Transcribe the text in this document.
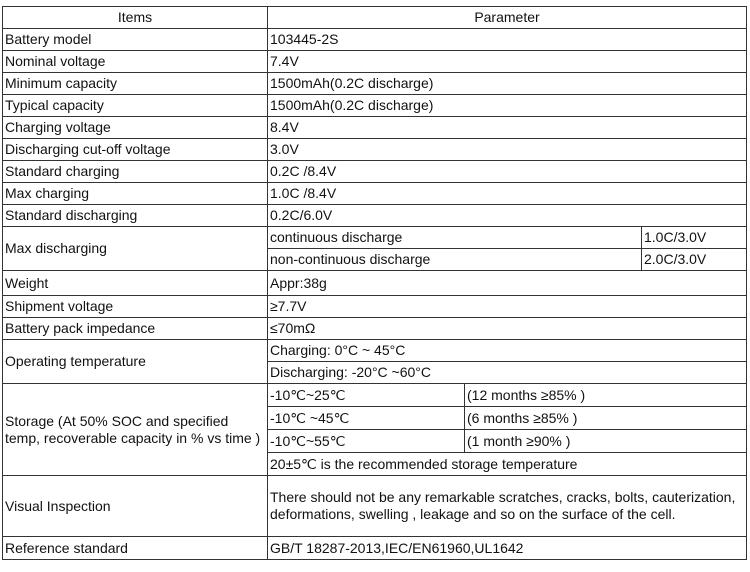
Items	Parameter		
Battery model	103445-2S		
Nominal voltage	7.4V		
Minimum capacity	1500mAh(0.2C discharge)		
Typical capacity	1500mAh(0.2C discharge)		
Charging voltage	8.4V		
Discharging cut-off voltage	3.0V		
Standard charging	0.2C /8.4V		
Max charging	1.0C /8.4V		
Standard discharging	0.2C/6.0V		
Max discharging	continuous discharge		1.0C/3.0V
	non-continuous discharge		2.0C/3.0V
Weight	Appr:38g		
Shipment voltage	≥7.7V		
Battery pack impedance	≤70mΩ		
Operating temperature	Charging: 0°C ~ 45°C		
	Discharging: -20°C ~60°C		
Storage (At 50% SOC and specified temp, recoverable capacity in % vs time )	-10℃~25℃	(12 months ≥85% )	
	-10℃ ~45℃	(6 months ≥85% )	
	-10℃~55℃	(1 month ≥90% )	
	20±5℃ is the recommended storage temperature		
Visual Inspection	There should not be any remarkable scratches, cracks, bolts, cauterization, deformations, swelling , leakage and so on the surface of the cell.		
Reference standard	GB/T 18287-2013,IEC/EN61960,UL1642		
